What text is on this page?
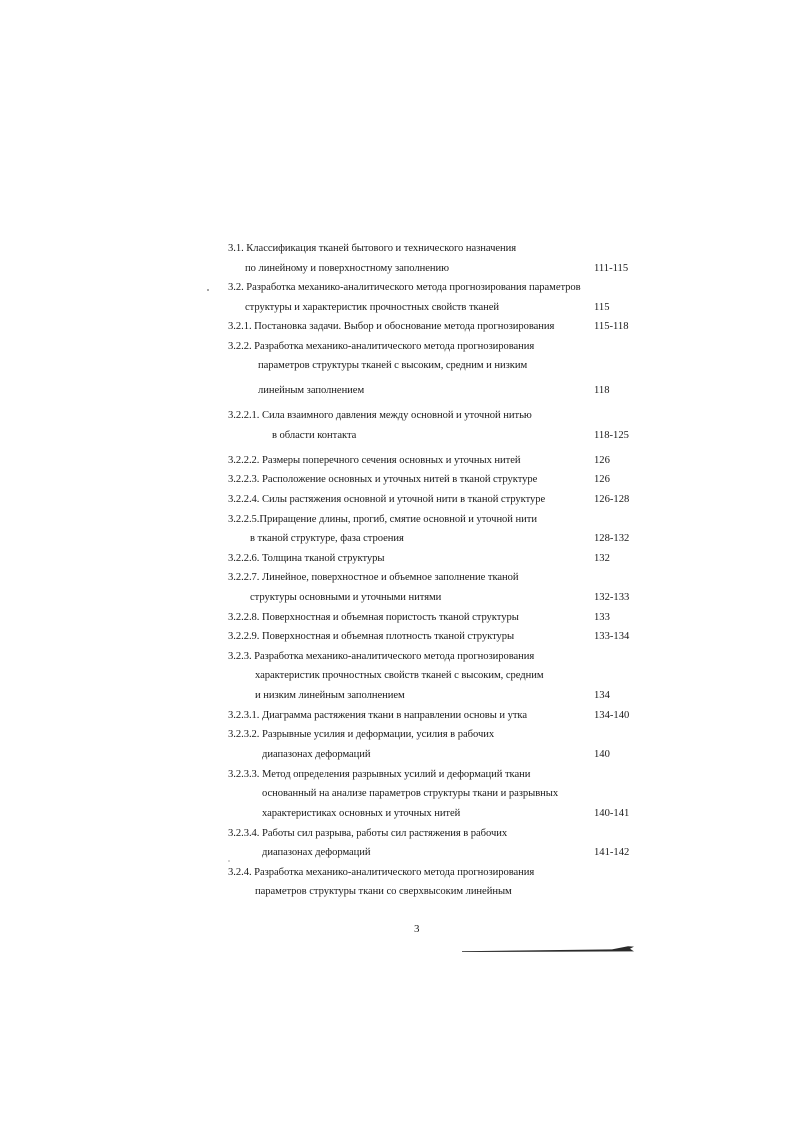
3.1. Классификация тканей бытового и технического назначения
по линейному и поверхностному заполнению	111-115
3.2. Разработка механико-аналитического метода прогнозирования параметров
структуры и характеристик прочностных свойств тканей	115
3.2.1. Постановка задачи. Выбор и обоснование метода прогнозирования	115-118
3.2.2. Разработка механико-аналитического метода прогнозирования
параметров структуры тканей с высоким, средним и низким
линейным заполнением	118
3.2.2.1. Сила взаимного давления между основной и уточной нитью
в области контакта	118-125
3.2.2.2. Размеры поперечного сечения основных и уточных нитей	126
3.2.2.3. Расположение основных и уточных нитей в тканой структуре	126
3.2.2.4. Силы растяжения основной и уточной нити в тканой структуре	126-128
3.2.2.5.Приращение длины, прогиб, смятие основной и уточной нити
в тканой структуре, фаза строения	128-132
3.2.2.6. Толщина тканой структуры	132
3.2.2.7. Линейное, поверхностное и объемное заполнение тканой
структуры основными и уточными нитями	132-133
3.2.2.8. Поверхностная и объемная пористость тканой структуры	133
3.2.2.9. Поверхностная и объемная плотность тканой структуры	133-134
3.2.3. Разработка механико-аналитического метода прогнозирования
характеристик прочностных свойств тканей с высоким, средним
и низким линейным заполнением	134
3.2.3.1. Диаграмма растяжения ткани в направлении основы и утка	134-140
3.2.3.2. Разрывные усилия и деформации, усилия в рабочих
диапазонах деформаций	140
3.2.3.3. Метод определения разрывных усилий и деформаций ткани
основанный на анализе параметров структуры ткани и разрывных
характеристиках основных и уточных нитей	140-141
3.2.3.4. Работы сил разрыва, работы сил растяжения в рабочих
диапазонах деформаций	141-142
3.2.4. Разработка механико-аналитического метода прогнозирования
параметров структуры ткани со сверхвысоким линейным
3
